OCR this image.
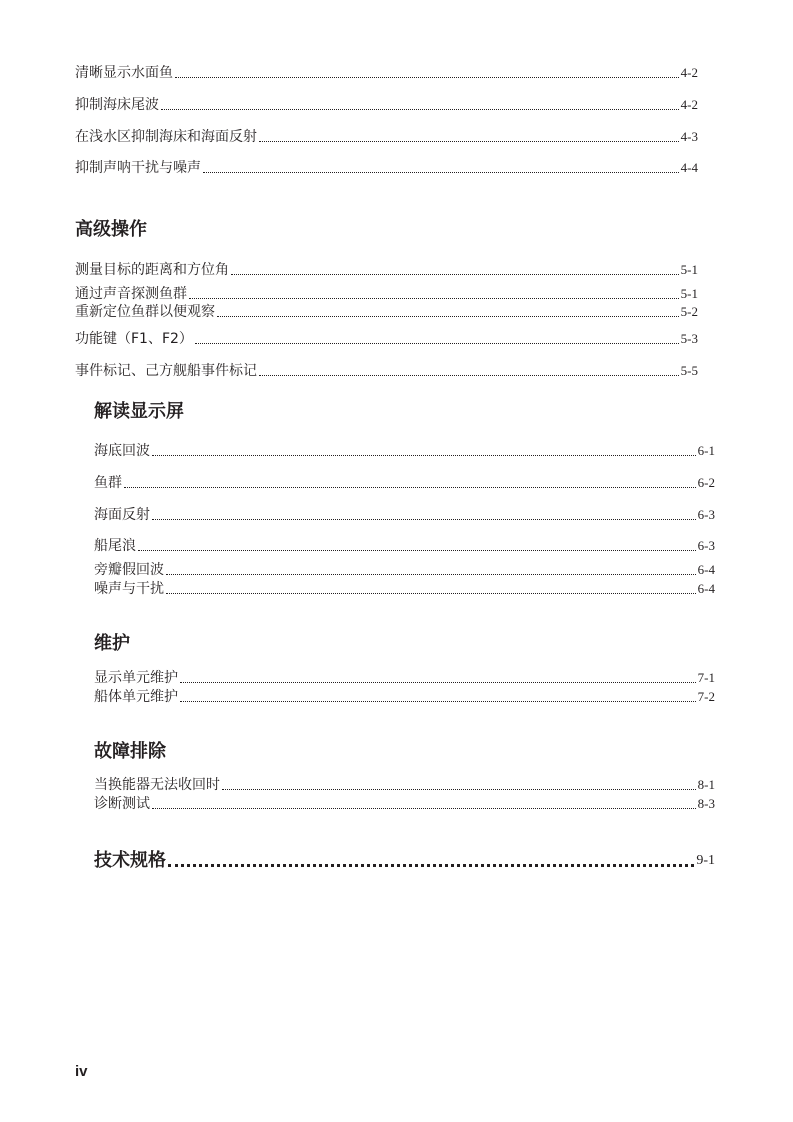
清晰显示水面鱼	4-2
抑制海床尾波	4-2
在浅水区抑制海床和海面反射	4-3
抑制声呐干扰与噪声	4-4
高级操作
测量目标的距离和方位角	5-1
通过声音探测鱼群	5-1
重新定位鱼群以便观察	5-2
功能键（F1、F2）	5-3
事件标记、己方舰船事件标记	5-5
解读显示屏
海底回波	6-1
鱼群	6-2
海面反射	6-3
船尾浪	6-3
旁瓣假回波	6-4
噪声与干扰	6-4
维护
显示单元维护	7-1
船体单元维护	7-2
故障排除
当换能器无法收回时	8-1
诊断测试	8-3
技术规格	9-1
iv
